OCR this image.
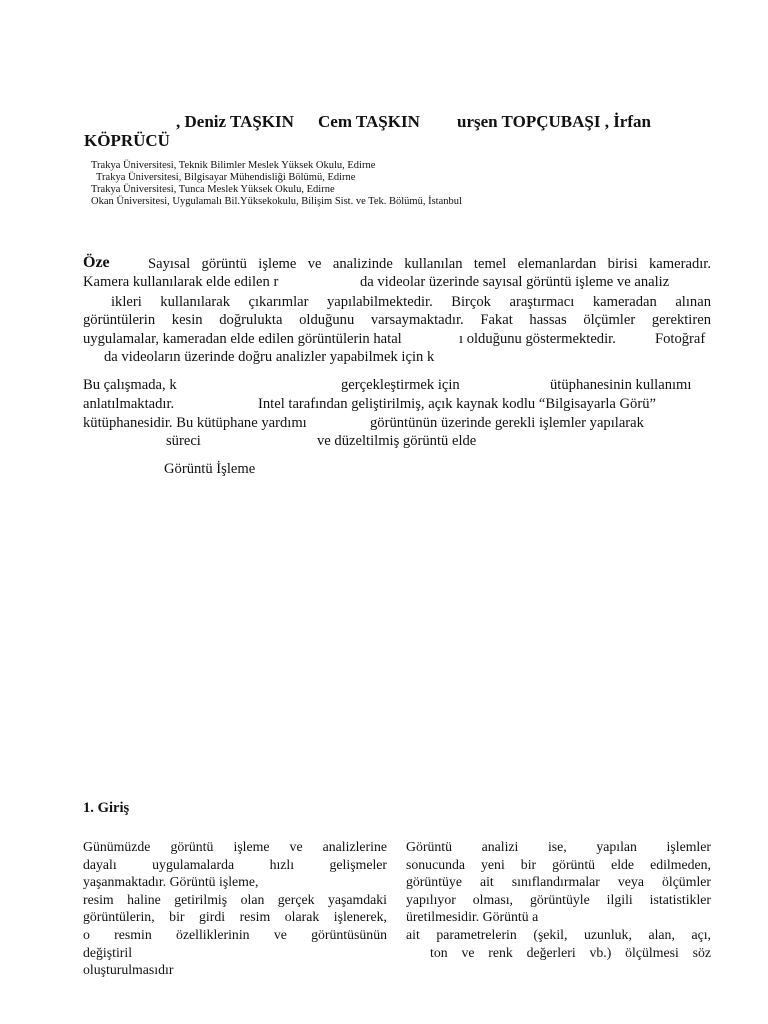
, Deniz TAŞKIN Cem TAŞKIN urşen TOPÇUBAŞI , İrfan
KÖPRÜCÜ
Trakya Üniversitesi, Teknik Bilimler Meslek Yüksek Okulu, Edirne
Trakya Üniversitesi, Bilgisayar Mühendisliği Bölümü, Edirne
Trakya Üniversitesi, Tunca Meslek Yüksek Okulu, Edirne
Okan Üniversitesi, Uygulamalı Bil.Yüksekokulu, Bilişim Sist. ve Tek. Bölümü, İstanbul
Öze	Sayısal görüntü işleme ve analizinde kullanılan temel elemanlardan birisi kameradır.
Kamera kullanılarak elde edilen r	da videolar üzerinde sayısal görüntü işleme ve analiz
ikleri kullanılarak çıkarımlar yapılabilmektedir. Birçok araştırmacı kameradan alınan
görüntülerin kesin doğrulukta olduğunu varsaymaktadır. Fakat hassas ölçümler gerektiren
uygulamalar, kameradan elde edilen görüntülerin hatal	ı olduğunu göstermektedir.	Fotoğraf
da videoların üzerinde doğru analizler yapabilmek için k
Bu çalışmada, k	gerçekleştirmek için	ütüphanesinin kullanımı
anlatılmaktadır.	Intel tarafından geliştirilmiş, açık kaynak kodlu “Bilgisayarla Görü”
kütüphanesidir. Bu kütüphane yardımı	görüntünün üzerinde gerekli işlemler yapılarak
süreci	ve düzeltilmiş görüntü elde
Görüntü İşleme
1. Giriş
Günümüzde görüntü işleme ve analizlerine
dayalı uygulamalarda hızlı gelişmeler
yaşanmaktadır. Görüntü işleme,
resim haline getirilmiş olan gerçek yaşamdaki
görüntülerin, bir girdi resim olarak işlenerek,
o resmin özelliklerinin ve görüntüsünün
değiştiril
oluşturulmasıdır
Görüntü analizi ise, yapılan işlemler
sonucunda yeni bir görüntü elde edilmeden,
görüntüye ait sınıflandırmalar veya ölçümler
yapılıyor olması, görüntüyle ilgili istatistikler
üretilmesidir. Görüntü a
ait parametrelerin (şekil, uzunluk, alan, açı,
ton ve renk değerleri vb.) ölçülmesi söz
